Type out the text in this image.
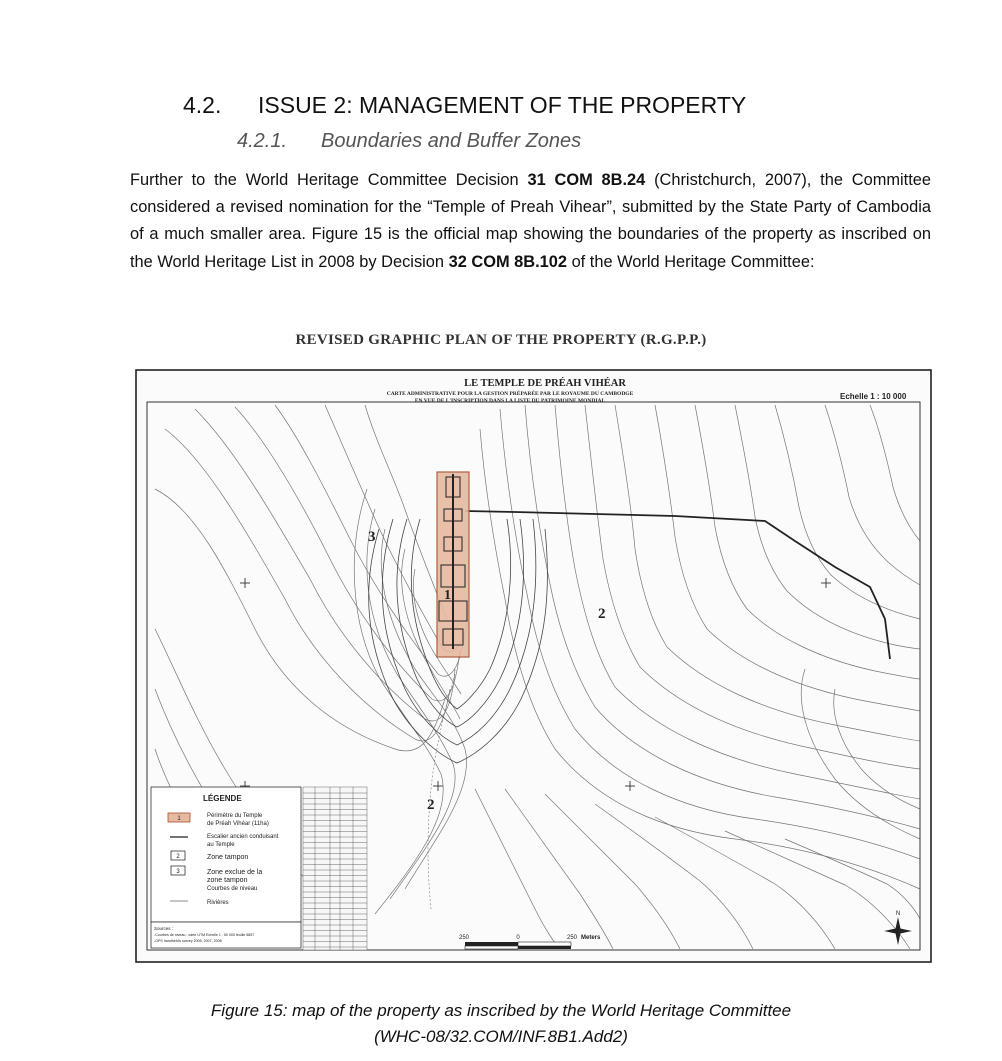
4.2. ISSUE 2: MANAGEMENT OF THE PROPERTY
4.2.1. Boundaries and Buffer Zones
Further to the World Heritage Committee Decision 31 COM 8B.24 (Christchurch, 2007), the Committee considered a revised nomination for the “Temple of Preah Vihear”, submitted by the State Party of Cambodia of a much smaller area. Figure 15 is the official map showing the boundaries of the property as inscribed on the World Heritage List in 2008 by Decision 32 COM 8B.102 of the World Heritage Committee:
REVISED GRAPHIC PLAN OF THE PROPERTY (R.G.P.P.)
3
1
2
2
LE TEMPLE DE PRÉAH VIHÉAR
CARTE ADMINISTRATIVE POUR LA GESTION PRÉPARÉE PAR LE ROYAUME DU CAMBODGE
EN VUE DE L'INSCRIPTION DANS LA LISTE DU PATRIMOINE MONDIAL	Echelle 1 : 10 000
LÉGENDE
1	Périmètre du Temple
de Préah Vihéar (11ha)
Escalier ancien conduisant
au Temple
2	Zone tampon
3	Zone exclue de la
zone tampon
Courbes de niveau
Rivières
Sources :
-Courbes de niveau : carte UTM Echelle 1 : 50 000 feuille 5857
-GPS handheld's survey 2005, 2007, 2008	250	0	250 Meters
N
Figure 15: map of the property as inscribed by the World Heritage Committee
(WHC-08/32.COM/INF.8B1.Add2)
